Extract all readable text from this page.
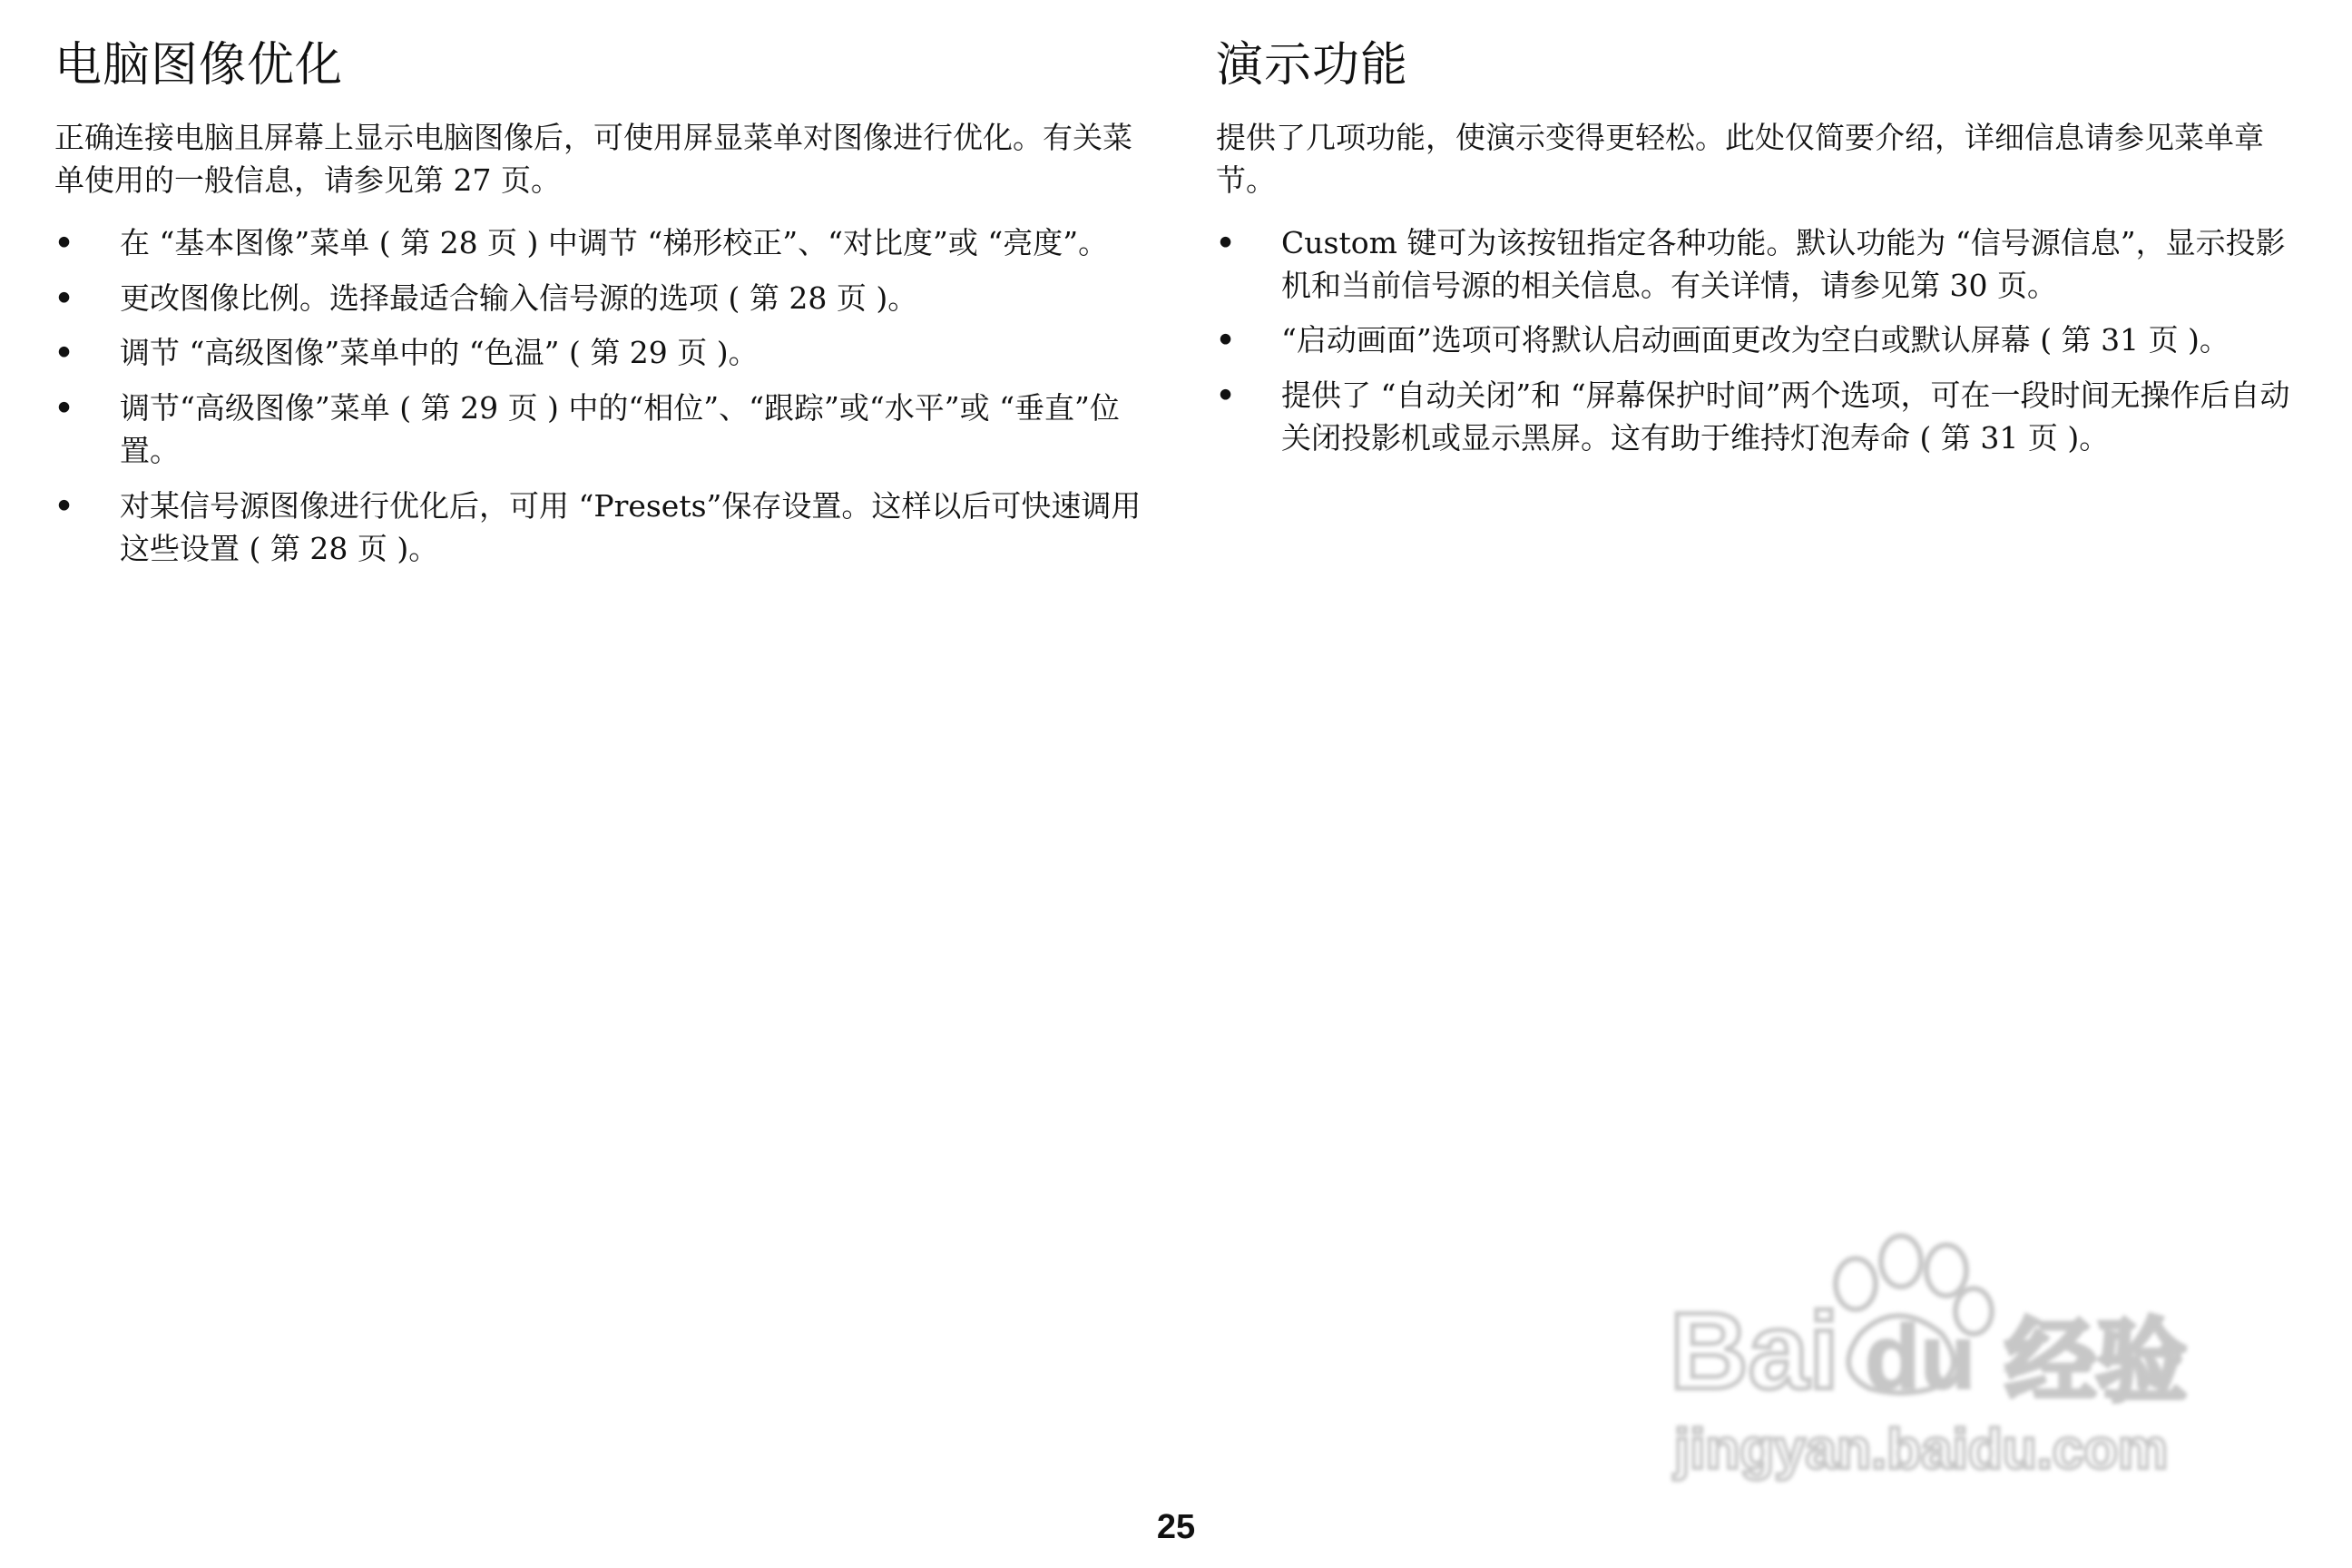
电脑图像优化

正确连接电脑且屏幕上显示电脑图像后，可使用屏显菜单对图像进行优化。有关菜单使用的一般信息，请参见第 27 页。

• 在 “基本图像”菜单 ( 第 28 页 ) 中调节 “梯形校正”、“对比度”或 “亮度”。
• 更改图像比例。选择最适合输入信号源的选项 ( 第 28 页 )。
• 调节 “高级图像”菜单中的 “色温” ( 第 29 页 )。
• 调节“高级图像”菜单 ( 第 29 页 ) 中的“相位”、“跟踪”或“水平”或 “垂直”位置。
• 对某信号源图像进行优化后，可用 “Presets”保存设置。这样以后可快速调用这些设置 ( 第 28 页 )。
演示功能

提供了几项功能，使演示变得更轻松。此处仅简要介绍，详细信息请参见菜单章节。

• Custom 键可为该按钮指定各种功能。默认功能为 “信号源信息”，显示投影机和当前信号源的相关信息。有关详情，请参见第 30 页。
• “启动画面”选项可将默认启动画面更改为空白或默认屏幕 ( 第 31 页 )。
• 提供了 “自动关闭”和 “屏幕保护时间”两个选项，可在一段时间无操作后自动关闭投影机或显示黑屏。这有助于维持灯泡寿命 ( 第 31 页 )。
Bai du 经验
jingyan.baidu.com
25
